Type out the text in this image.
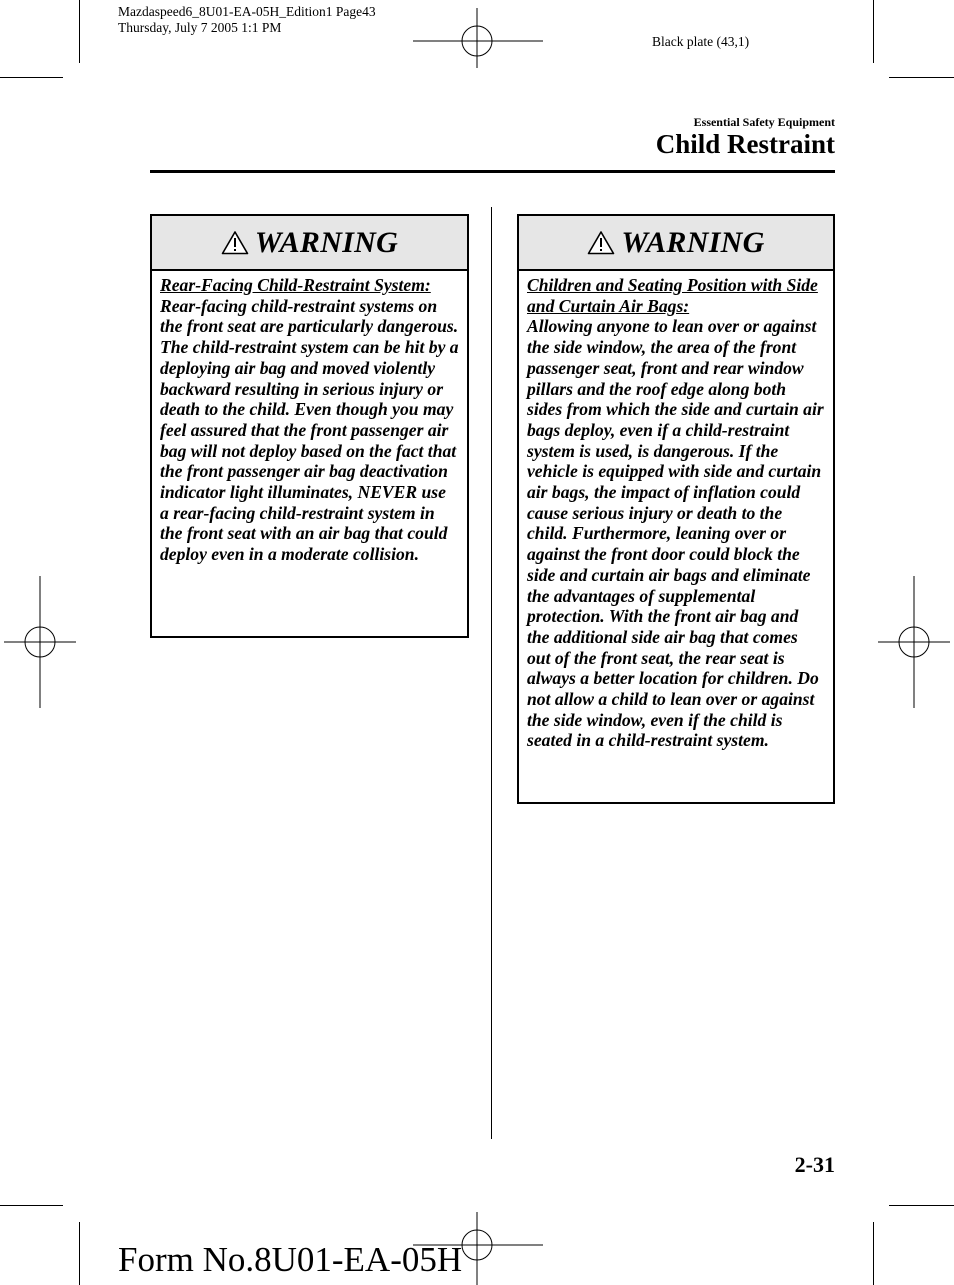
Mazdaspeed6_8U01-EA-05H_Edition1 Page43
Thursday, July 7 2005 1:1 PM
Black plate (43,1)
Essential Safety Equipment
Child Restraint
WARNING
Rear-Facing Child-Restraint System:
Rear-facing child-restraint systems on the front seat are particularly dangerous.
The child-restraint system can be hit by a deploying air bag and moved violently backward resulting in serious injury or death to the child. Even though you may feel assured that the front passenger air bag will not deploy based on the fact that the front passenger air bag deactivation indicator light illuminates, NEVER use a rear-facing child-restraint system in the front seat with an air bag that could deploy even in a moderate collision.
WARNING
Children and Seating Position with Side and Curtain Air Bags:
Allowing anyone to lean over or against the side window, the area of the front passenger seat, front and rear window pillars and the roof edge along both sides from which the side and curtain air bags deploy, even if a child-restraint system is used, is dangerous. If the vehicle is equipped with side and curtain air bags, the impact of inflation could cause serious injury or death to the child. Furthermore, leaning over or against the front door could block the side and curtain air bags and eliminate the advantages of supplemental protection. With the front air bag and the additional side air bag that comes out of the front seat, the rear seat is always a better location for children. Do not allow a child to lean over or against the side window, even if the child is seated in a child-restraint system.
2-31
Form No.8U01-EA-05H
